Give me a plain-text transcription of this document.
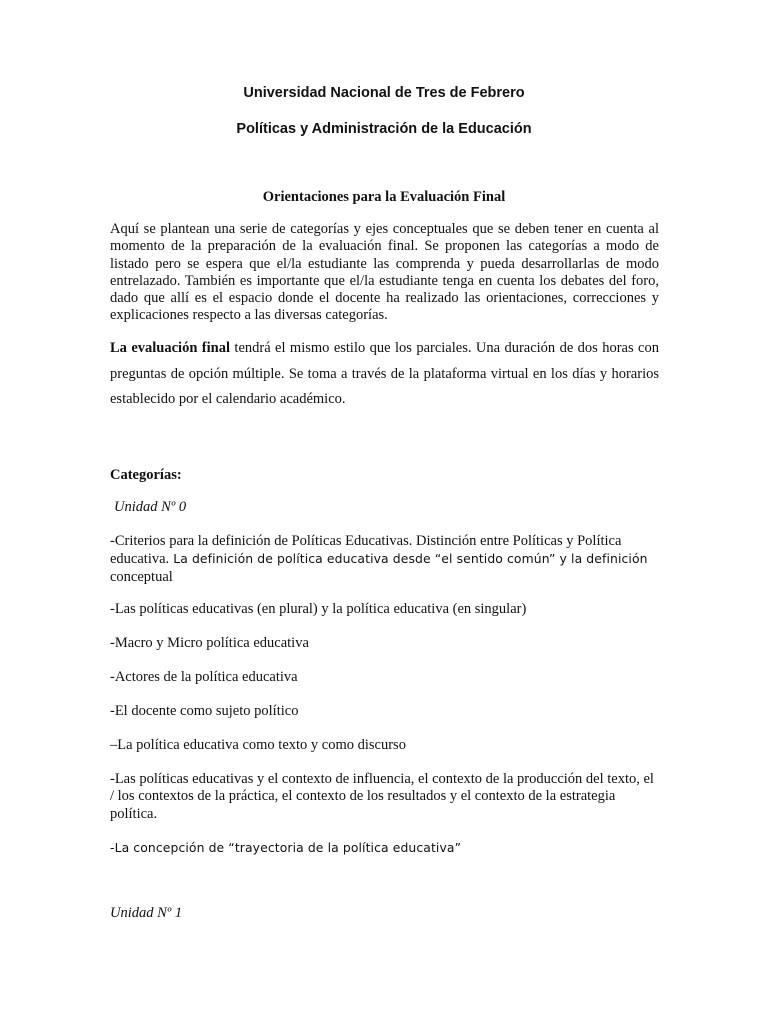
Universidad Nacional de Tres de Febrero
Políticas y Administración de la Educación
Orientaciones para la Evaluación Final

Aquí se plantean una serie de categorías y ejes conceptuales que se deben tener en cuenta al momento de la preparación de la evaluación final. Se proponen las categorías a modo de listado pero se espera que el/la estudiante las comprenda y pueda desarrollarlas de modo entrelazado. También es importante que el/la estudiante tenga en cuenta los debates del foro, dado que allí es el espacio donde el docente ha realizado las orientaciones, correcciones y explicaciones respecto a las diversas categorías.

La evaluación final tendrá el mismo estilo que los parciales. Una duración de dos horas con preguntas de opción múltiple. Se toma a través de la plataforma virtual en los días y horarios establecido por el calendario académico.

Categorías:

Unidad Nº 0

-Criterios para la definición de Políticas Educativas. Distinción entre Políticas y Política educativa. La definición de política educativa desde “el sentido común” y la definición conceptual

-Las políticas educativas (en plural) y la política educativa (en singular)

-Macro y Micro política educativa

-Actores de la política educativa

-El docente como sujeto político

–La política educativa como texto y como discurso

-Las políticas educativas y el contexto de influencia, el contexto de la producción del texto, el / los contextos de la práctica, el contexto de los resultados y el contexto de la estrategia política.

-La concepción de “trayectoria de la política educativa”

Unidad Nº 1
